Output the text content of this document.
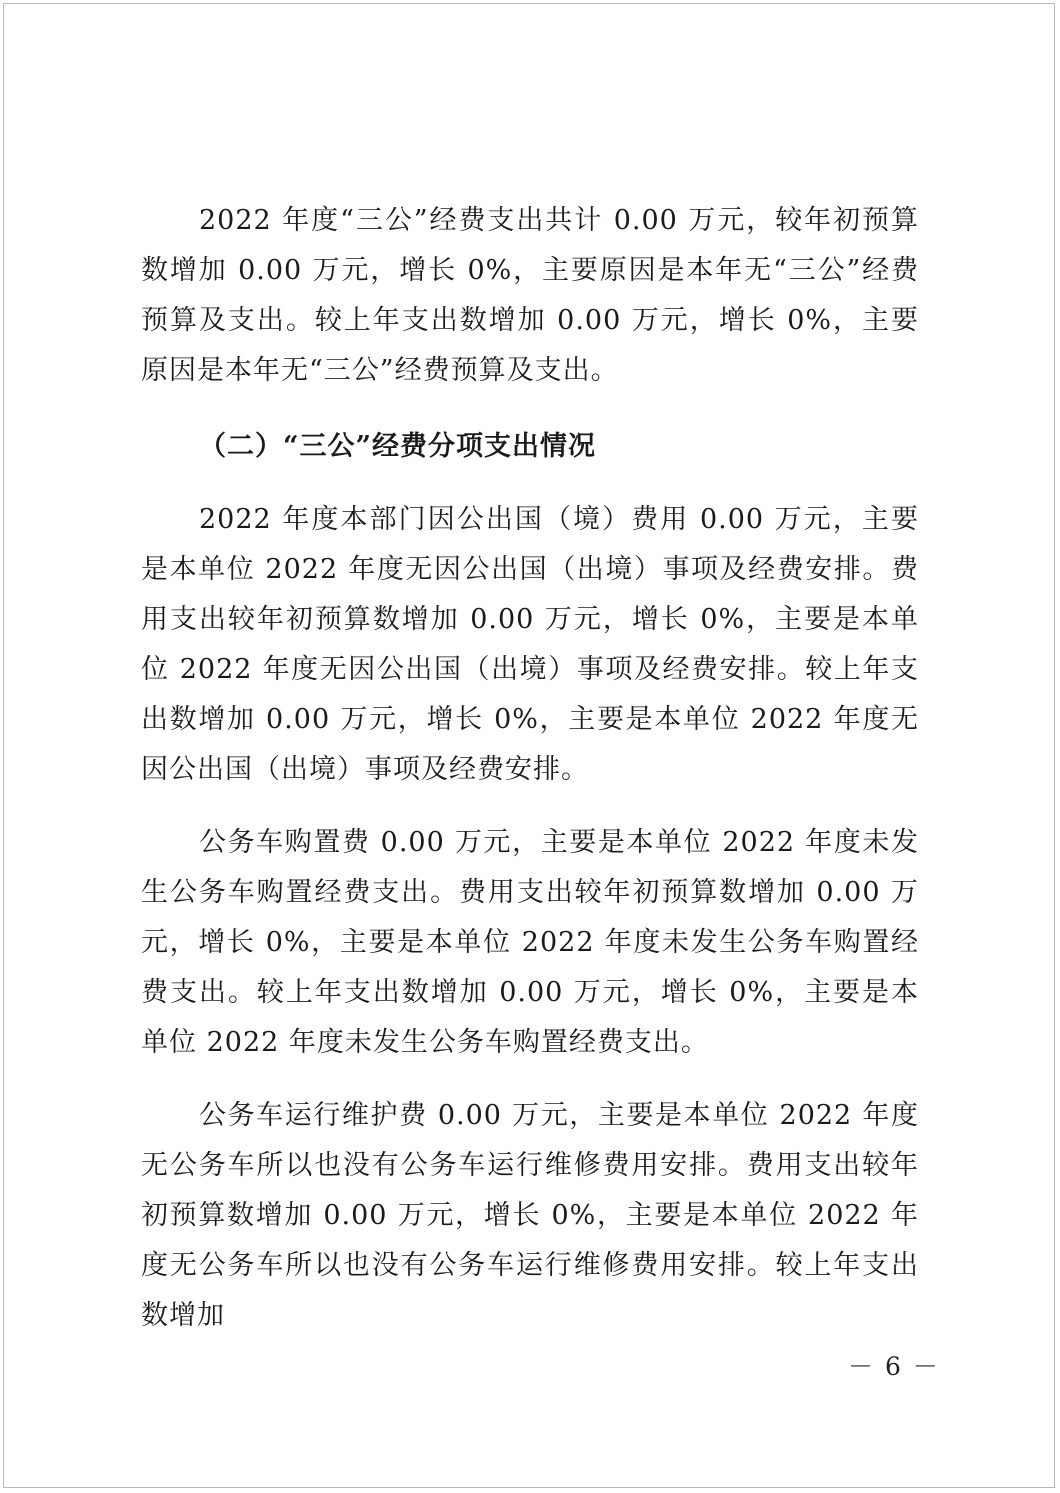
2022 年度“三公”经费支出共计 0.00 万元，较年初预算数增加 0.00 万元，增长 0%，主要原因是本年无“三公”经费预算及支出。较上年支出数增加 0.00 万元，增长 0%，主要原因是本年无“三公”经费预算及支出。

（二）“三公”经费分项支出情况

2022 年度本部门因公出国（境）费用 0.00 万元，主要是本单位 2022 年度无因公出国（出境）事项及经费安排。费用支出较年初预算数增加 0.00 万元，增长 0%，主要是本单位 2022 年度无因公出国（出境）事项及经费安排。较上年支出数增加 0.00 万元，增长 0%，主要是本单位 2022 年度无因公出国（出境）事项及经费安排。

公务车购置费 0.00 万元，主要是本单位 2022 年度未发生公务车购置经费支出。费用支出较年初预算数增加 0.00 万元，增长 0%，主要是本单位 2022 年度未发生公务车购置经费支出。较上年支出数增加 0.00 万元，增长 0%，主要是本单位 2022 年度未发生公务车购置经费支出。

公务车运行维护费 0.00 万元，主要是本单位 2022 年度无公务车所以也没有公务车运行维修费用安排。费用支出较年初预算数增加 0.00 万元，增长 0%，主要是本单位 2022 年度无公务车所以也没有公务车运行维修费用安排。较上年支出数增加

－ 6 －
